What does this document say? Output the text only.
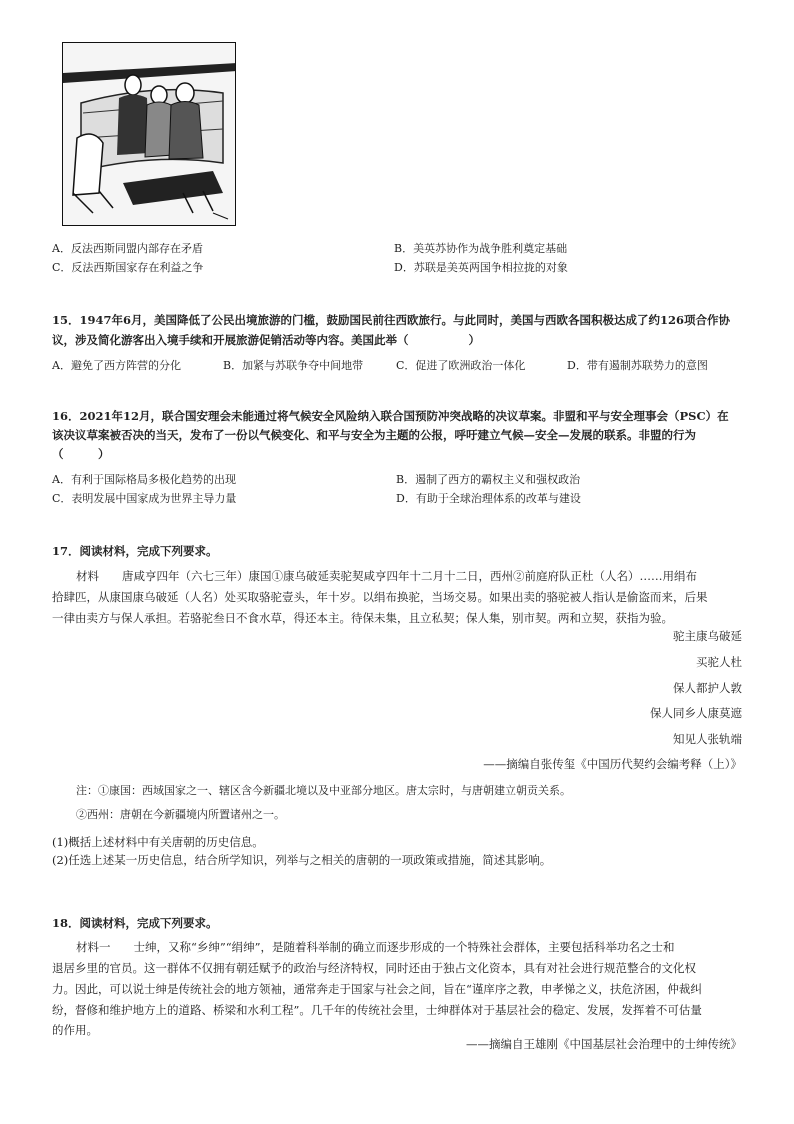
A．反法西斯同盟内部存在矛盾	B．美英苏协作为战争胜利奠定基础
C．反法西斯国家存在利益之争	D．苏联是美英两国争相拉拢的对象
15．1947年6月，美国降低了公民出境旅游的门槛，鼓励国民前往西欧旅行。与此同时，美国与西欧各国积极达成了约126项合作协
议，涉及简化游客出入境手续和开展旅游促销活动等内容。美国此举（	）
A．避免了西方阵营的分化	B．加紧与苏联争夺中间地带	C．促进了欧洲政治一体化	D．带有遏制苏联势力的意图
16．2021年12月，联合国安理会未能通过将气候安全风险纳入联合国预防冲突战略的决议草案。非盟和平与安全理事会（PSC）在
该决议草案被否决的当天，发布了一份以气候变化、和平与安全为主题的公报，呼吁建立气候—安全—发展的联系。非盟的行为
（　　　）
A．有利于国际格局多极化趋势的出现	B．遏制了西方的霸权主义和强权政治
C．表明发展中国家成为世界主导力量	D．有助于全球治理体系的改革与建设
17．阅读材料，完成下列要求。
材料　　唐咸亨四年（六七三年）康国①康乌破延卖驼契咸亨四年十二月十二日，西州②前庭府队正杜（人名）……用绢布
拾肆匹，从康国康乌破延（人名）处买取骆驼壹头，年十岁。以绢布换驼，当场交易。如果出卖的骆驼被人指认是偷盗而来，后果
一律由卖方与保人承担。若骆驼叁日不食水草，得还本主。待保未集，且立私契；保人集，别市契。两和立契，获指为验。
驼主康乌破延
买驼人杜
保人都护人敦
保人同乡人康莫遮
知见人张轨端
——摘编自张传玺《中国历代契约会编考释（上）》
注：①康国：西域国家之一、辖区含今新疆北境以及中亚部分地区。唐太宗时，与唐朝建立朝贡关系。
②西州：唐朝在今新疆境内所置诸州之一。
(1)概括上述材料中有关唐朝的历史信息。
(2)任选上述某一历史信息，结合所学知识，列举与之相关的唐朝的一项政策或措施，简述其影响。
18．阅读材料，完成下列要求。
材料一　　士绅，又称“乡绅”“绢绅”，是随着科举制的确立而逐步形成的一个特殊社会群体，主要包括科举功名之士和
退居乡里的官员。这一群体不仅拥有朝廷赋予的政治与经济特权，同时还由于独占文化资本，具有对社会进行规范整合的文化权
力。因此，可以说士绅是传统社会的地方领袖，通常奔走于国家与社会之间，旨在“谨庠序之教，申孝悌之义，扶危济困，仲裁纠
纷，督修和维护地方上的道路、桥梁和水利工程”。几千年的传统社会里，士绅群体对于基层社会的稳定、发展，发挥着不可估量
的作用。
——摘编自王雄刚《中国基层社会治理中的士绅传统》
